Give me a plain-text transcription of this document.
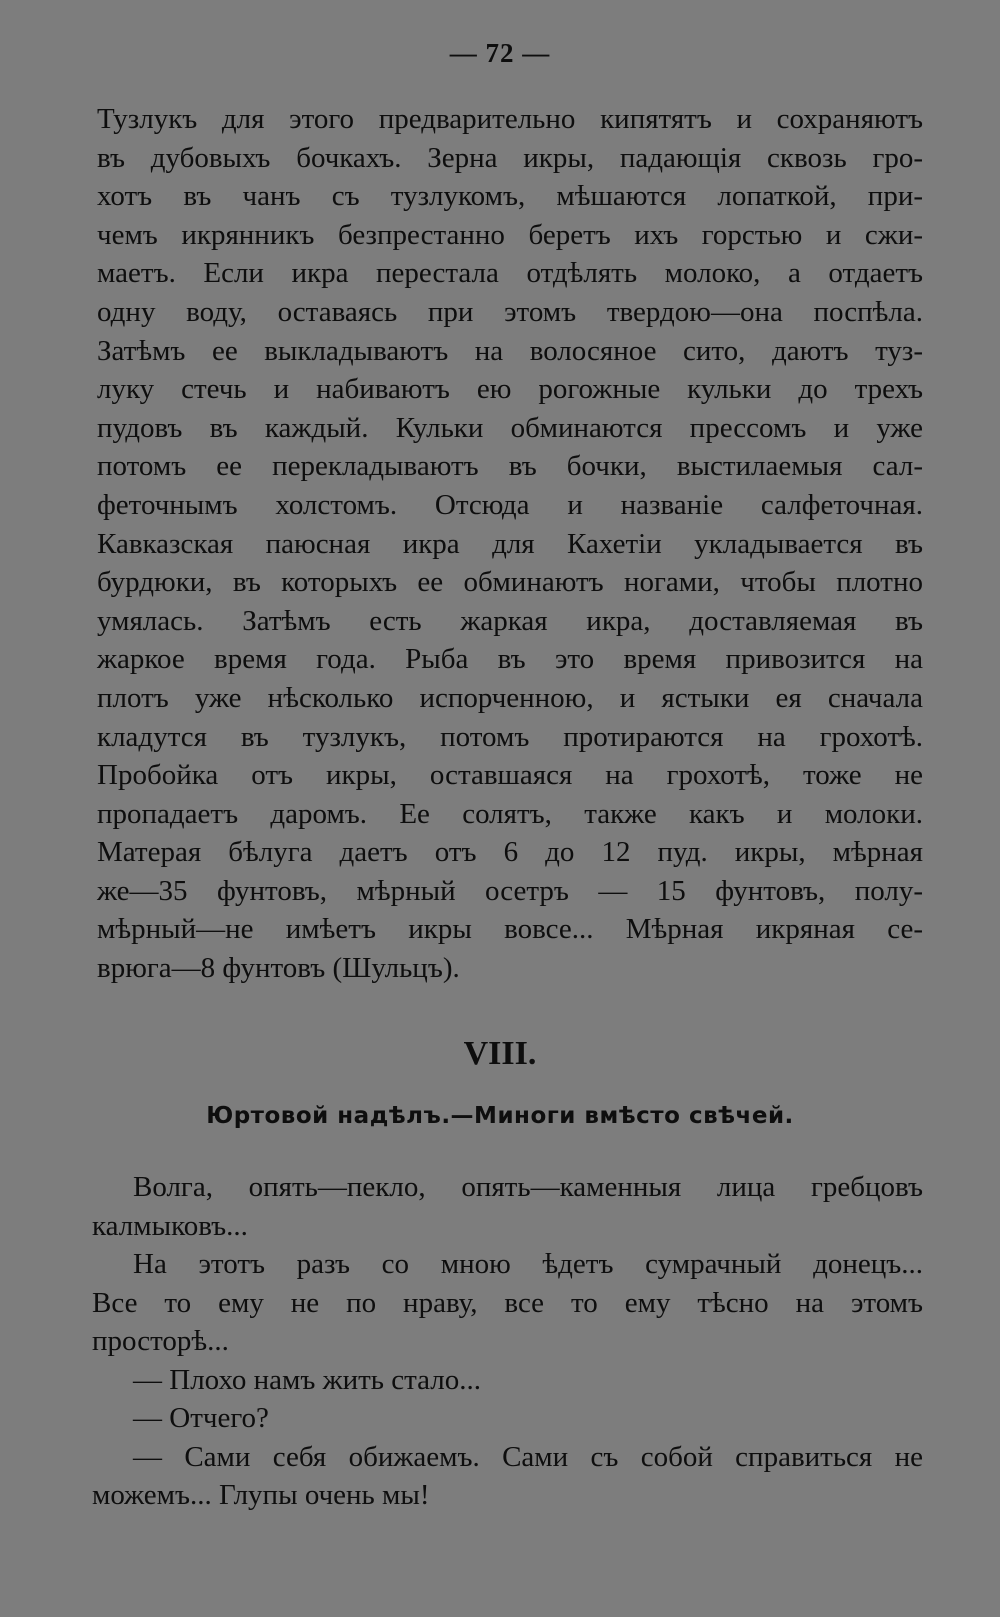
— 72 —
Тузлукъ для этого предварительно кипятятъ и сохраняютъ
въ дубовыхъ бочкахъ. Зерна икры, падающія сквозь гро-
хотъ въ чанъ съ тузлукомъ, мѣшаются лопаткой, при-
чемъ икрянникъ безпрестанно беретъ ихъ горстью и сжи-
маетъ. Если икра перестала отдѣлять молоко, а отдаетъ
одну воду, оставаясь при этомъ твердою—она поспѣла.
Затѣмъ ее выкладываютъ на волосяное сито, даютъ туз-
луку стечь и набиваютъ ею рогожные кульки до трехъ
пудовъ въ каждый. Кульки обминаются прессомъ и уже
потомъ ее перекладываютъ въ бочки, выстилаемыя сал-
феточнымъ холстомъ. Отсюда и названіе салфеточная.
Кавказская паюсная икра для Кахетіи укладывается въ
бурдюки, въ которыхъ ее обминаютъ ногами, чтобы плотно
умялась. Затѣмъ есть жаркая икра, доставляемая въ
жаркое время года. Рыба въ это время привозится на
плотъ уже нѣсколько испорченною, и ястыки ея сначала
кладутся въ тузлукъ, потомъ протираются на грохотѣ.
Пробойка отъ икры, оставшаяся на грохотѣ, тоже не
пропадаетъ даромъ. Ее солятъ, также какъ и молоки.
Матерая бѣлуга даетъ отъ 6 до 12 пуд. икры, мѣрная
же—35 фунтовъ, мѣрный осетръ — 15 фунтовъ, полу-
мѣрный—не имѣетъ икры вовсе... Мѣрная икряная се-
врюга—8 фунтовъ (Шульцъ).
VIII.
Юртовой надѣлъ.—Миноги вмѣсто свѣчей.
Волга, опять—пекло, опять—каменныя лица гребцовъ
калмыковъ...
На этотъ разъ со мною ѣдетъ сумрачный донецъ...
Все то ему не по нраву, все то ему тѣсно на этомъ
просторѣ...
— Плохо намъ жить стало...
— Отчего?
— Сами себя обижаемъ. Сами съ собой справиться не
можемъ... Глупы очень мы!
